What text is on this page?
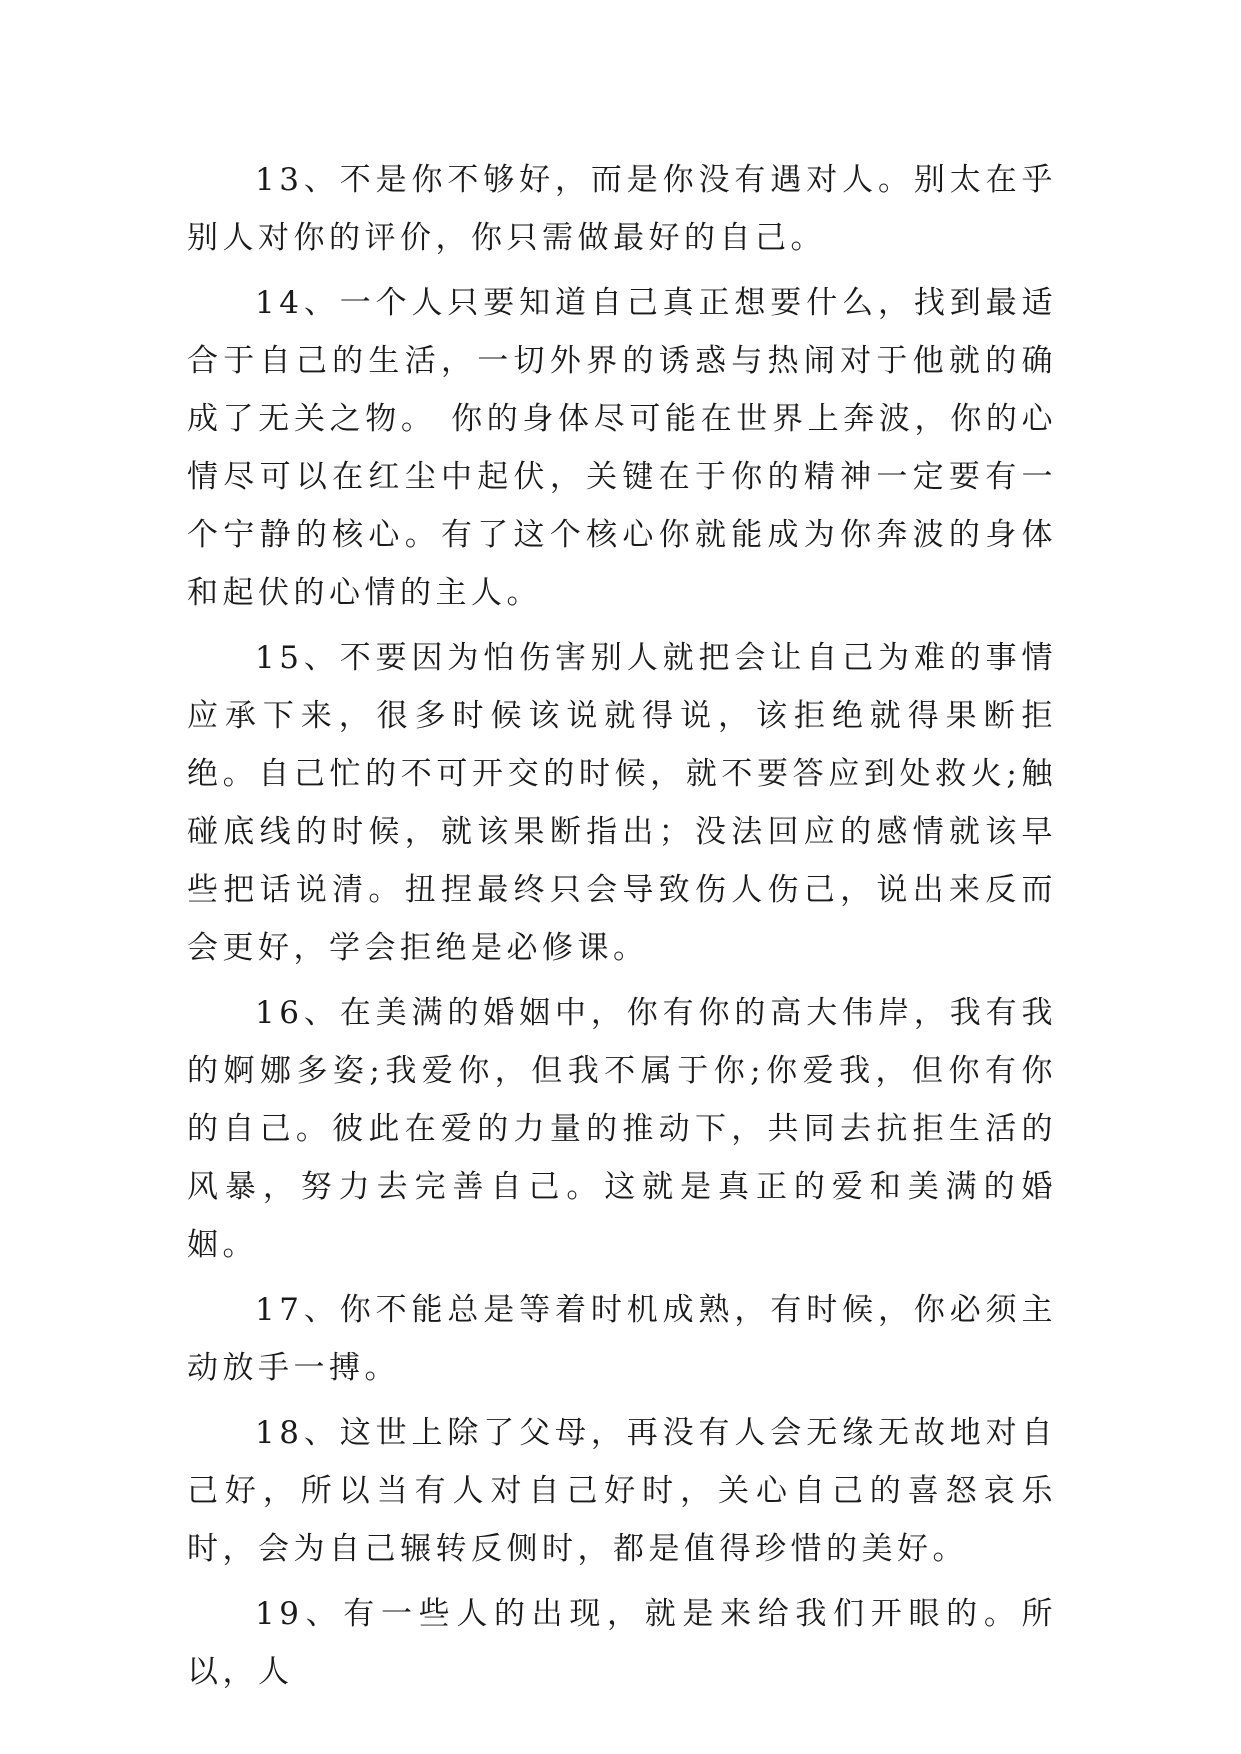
13、不是你不够好，而是你没有遇对人。别太在乎别人对你的评价，你只需做最好的自己。

14、一个人只要知道自己真正想要什么，找到最适合于自己的生活，一切外界的诱惑与热闹对于他就的确成了无关之物。 你的身体尽可能在世界上奔波，你的心情尽可以在红尘中起伏，关键在于你的精神一定要有一个宁静的核心。有了这个核心你就能成为你奔波的身体和起伏的心情的主人。

15、不要因为怕伤害别人就把会让自己为难的事情应承下来，很多时候该说就得说，该拒绝就得果断拒绝。自己忙的不可开交的时候，就不要答应到处救火;触碰底线的时候，就该果断指出；没法回应的感情就该早些把话说清。扭捏最终只会导致伤人伤己，说出来反而会更好，学会拒绝是必修课。

16、在美满的婚姻中，你有你的高大伟岸，我有我的婀娜多姿;我爱你，但我不属于你;你爱我，但你有你的自己。彼此在爱的力量的推动下，共同去抗拒生活的风暴，努力去完善自己。这就是真正的爱和美满的婚姻。

17、你不能总是等着时机成熟，有时候，你必须主动放手一搏。

18、这世上除了父母，再没有人会无缘无故地对自己好，所以当有人对自己好时，关心自己的喜怒哀乐时，会为自己辗转反侧时，都是值得珍惜的美好。

19、有一些人的出现，就是来给我们开眼的。所以，人
